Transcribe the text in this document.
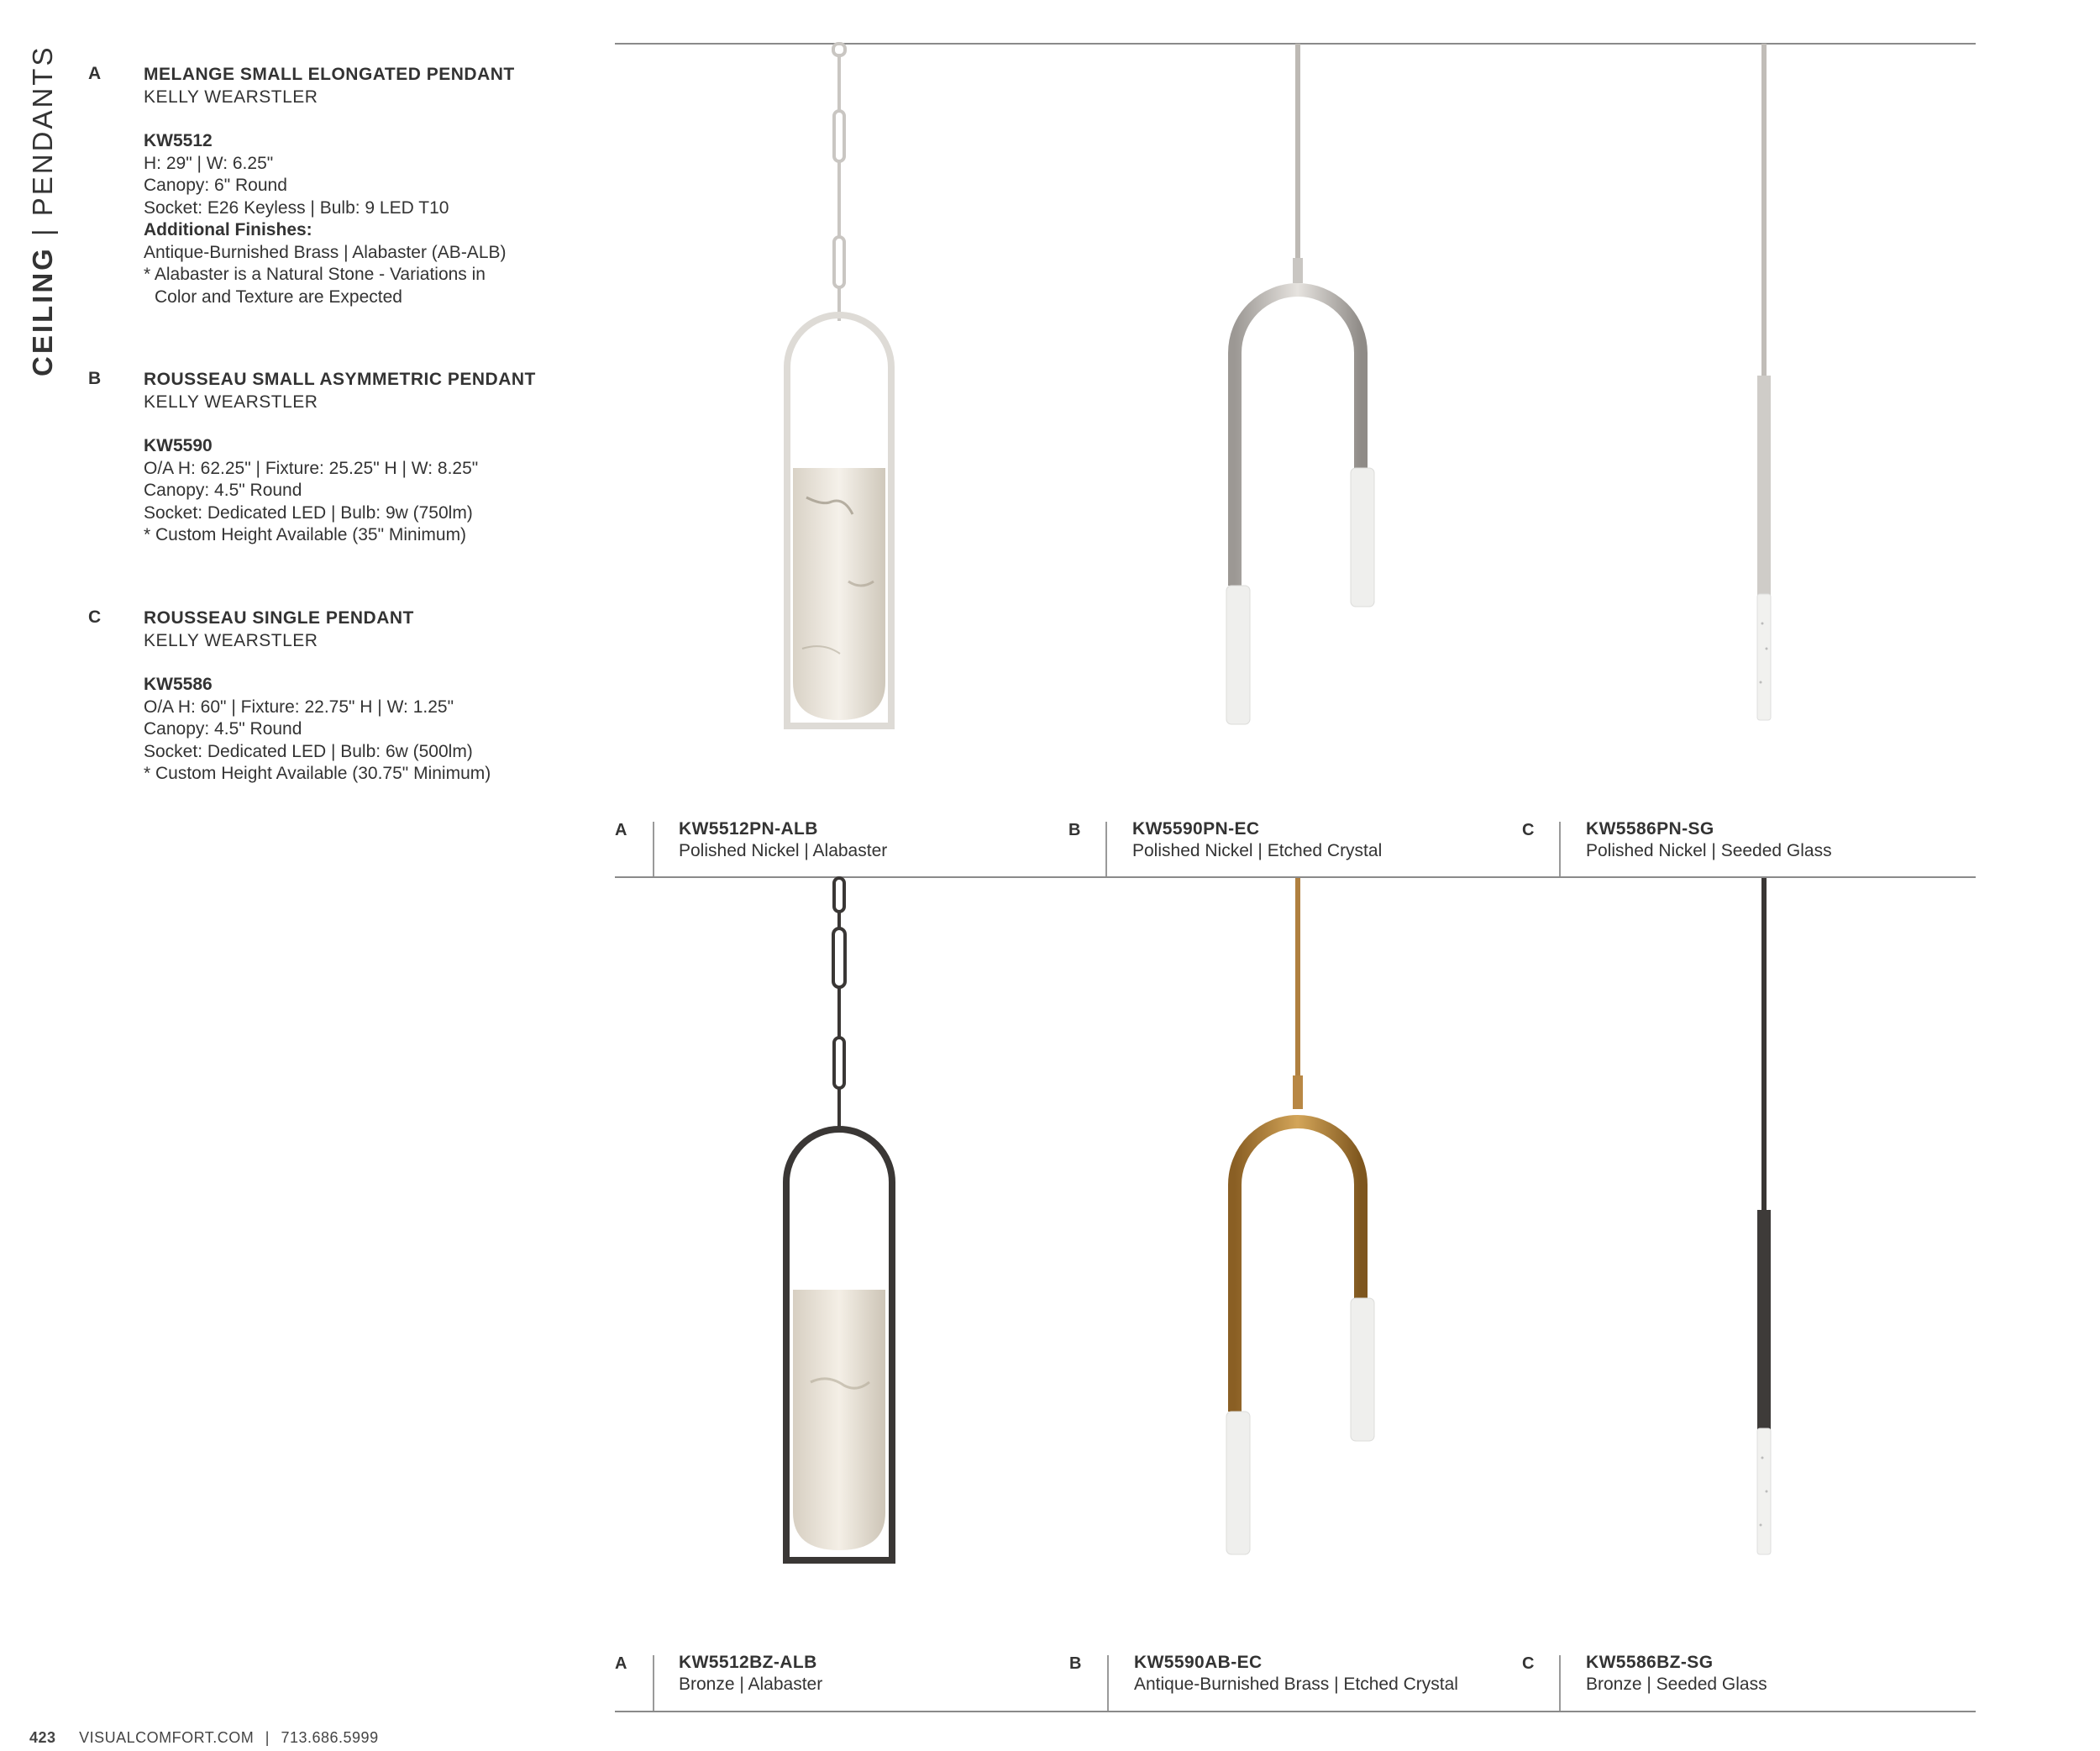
CEILING | PENDANTS	A MELANGE SMALL ELONGATED PENDANT
KELLY WEARSTLER
KW5512
H: 29" | W: 6.25"
Canopy: 6" Round
Socket: E26 Keyless | Bulb: 9 LED T10
Additional Finishes:
Antique-Burnished Brass | Alabaster (AB-ALB)
* Alabaster is a Natural Stone - Variations in
Color and Texture are Expected
B ROUSSEAU SMALL ASYMMETRIC PENDANT
KELLY WEARSTLER
KW5590
O/A H: 62.25" | Fixture: 25.25" H | W: 8.25"
Canopy: 4.5" Round
Socket: Dedicated LED | Bulb: 9w (750lm)
* Custom Height Available (35" Minimum)
C ROUSSEAU SINGLE PENDANT
KELLY WEARSTLER
KW5586
O/A H: 60" | Fixture: 22.75" H | W: 1.25"
Canopy: 4.5" Round
Socket: Dedicated LED | Bulb: 6w (500lm)
* Custom Height Available (30.75" Minimum)
A	KW5512PN-ALB
Polished Nickel | Alabaster
B	KW5590PN-EC
Polished Nickel | Etched Crystal
C	KW5586PN-SG
Polished Nickel | Seeded Glass
A	KW5512BZ-ALB
Bronze | Alabaster
B	KW5590AB-EC
Antique-Burnished Brass | Etched Crystal
C	KW5586BZ-SG
Bronze | Seeded Glass
423 VISUALCOMFORT.COM | 713.686.5999
